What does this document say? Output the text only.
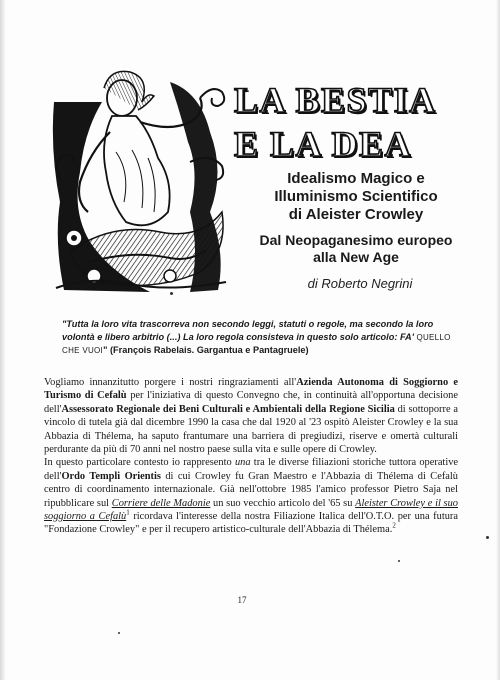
LA BESTIA
E LA DEA
Idealismo Magico e
Illuminismo Scientifico
di Aleister Crowley
Dal Neopaganesimo europeo
alla New Age
di Roberto Negrini
"Tutta la loro vita trascorreva non secondo leggi, statuti o regole, ma secondo la loro volontà e libero arbitrio (...) La loro regola consisteva in questo solo articolo: FA' QUELLO CHE VUOI" (François Rabelais. Gargantua e Pantagruele)

Vogliamo innanzitutto porgere i nostri ringraziamenti all'Azienda Autonoma di Soggiorno e Turismo di Cefalù per l'iniziativa di questo Convegno che, in continuità all'opportuna decisione dell'Assessorato Regionale dei Beni Culturali e Ambientali della Regione Sicilia di sottoporre a vincolo di tutela già dal dicembre 1990 la casa che dal 1920 al '23 ospitò Aleister Crowley e la sua Abbazia di Thélema, ha saputo frantumare una barriera di pregiudizi, riserve e omertà culturali perdurante da più di 70 anni nel nostro paese sulla vita e sulle opere di Crowley.

In questo particolare contesto io rappresento una tra le diverse filiazioni storiche tuttora operative dell'Ordo Templi Orientis di cui Crowley fu Gran Maestro e l'Abbazia di Thélema di Cefalù centro di coordinamento internazionale. Già nell'ottobre 1985 l'amico professor Pietro Saja nel ripubblicare sul Corriere delle Madonie un suo vecchio articolo del '65 su Aleister Crowley e il suo soggiorno a Cefalù$^1$ ricordava l'interesse della nostra Filiazione Italica dell'O.T.O. per una futura "Fondazione Crowley" e per il recupero artistico-culturale dell'Abbazia di Thélema.$^2$

17
